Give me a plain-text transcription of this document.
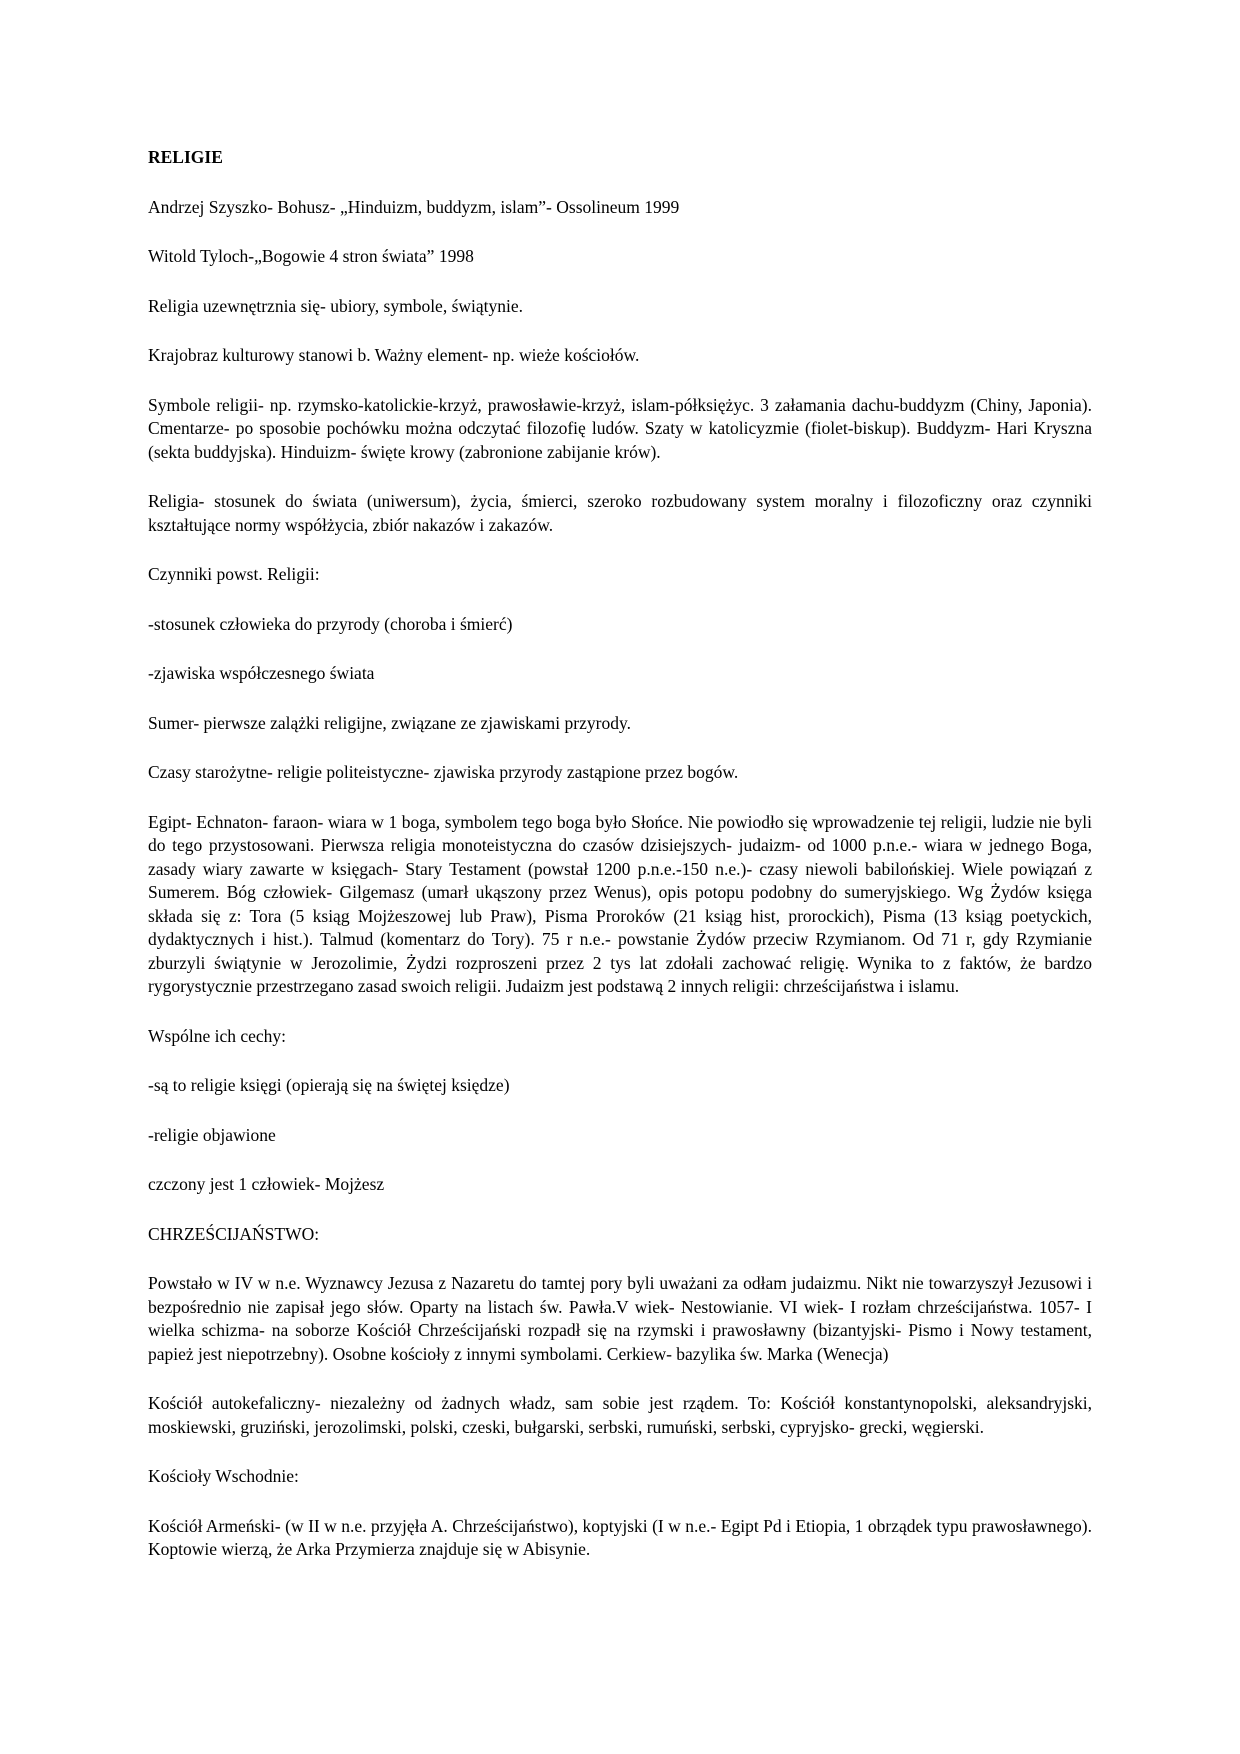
RELIGIE

Andrzej Szyszko- Bohusz- „Hinduizm, buddyzm, islam”- Ossolineum 1999

Witold Tyloch-„Bogowie 4 stron świata” 1998

Religia uzewnętrznia się- ubiory, symbole, świątynie.

Krajobraz kulturowy stanowi b. Ważny element- np. wieże kościołów.

Symbole religii- np. rzymsko-katolickie-krzyż, prawosławie-krzyż, islam-półksiężyc. 3 załamania dachu-buddyzm (Chiny, Japonia). Cmentarze- po sposobie pochówku można odczytać filozofię ludów. Szaty w katolicyzmie (fiolet-biskup). Buddyzm- Hari Kryszna (sekta buddyjska). Hinduizm- święte krowy (zabronione zabijanie krów).

Religia- stosunek do świata (uniwersum), życia, śmierci, szeroko rozbudowany system moralny i filozoficzny oraz czynniki kształtujące normy współżycia, zbiór nakazów i zakazów.

Czynniki powst. Religii:

-stosunek człowieka do przyrody (choroba i śmierć)

-zjawiska współczesnego świata

Sumer- pierwsze zalążki religijne, związane ze zjawiskami przyrody.

Czasy starożytne- religie politeistyczne- zjawiska przyrody zastąpione przez bogów.

Egipt- Echnaton- faraon- wiara w 1 boga, symbolem tego boga było Słońce. Nie powiodło się wprowadzenie tej religii, ludzie nie byli do tego przystosowani. Pierwsza religia monoteistyczna do czasów dzisiejszych- judaizm- od 1000 p.n.e.- wiara w jednego Boga, zasady wiary zawarte w księgach- Stary Testament (powstał 1200 p.n.e.-150 n.e.)- czasy niewoli babilońskiej. Wiele powiązań z Sumerem. Bóg człowiek- Gilgemasz (umarł ukąszony przez Wenus), opis potopu podobny do sumeryjskiego. Wg Żydów księga składa się z: Tora (5 ksiąg Mojżeszowej lub Praw), Pisma Proroków (21 ksiąg hist, prorockich), Pisma (13 ksiąg poetyckich, dydaktycznych i hist.). Talmud (komentarz do Tory). 75 r n.e.- powstanie Żydów przeciw Rzymianom. Od 71 r, gdy Rzymianie zburzyli świątynie w Jerozolimie, Żydzi rozproszeni przez 2 tys lat zdołali zachować religię. Wynika to z faktów, że bardzo rygorystycznie przestrzegano zasad swoich religii. Judaizm jest podstawą 2 innych religii: chrześcijaństwa i islamu.

Wspólne ich cechy:

-są to religie księgi (opierają się na świętej księdze)

-religie objawione

czczony jest 1 człowiek- Mojżesz

CHRZEŚCIJAŃSTWO:

Powstało w IV w n.e. Wyznawcy Jezusa z Nazaretu do tamtej pory byli uważani za odłam judaizmu. Nikt nie towarzyszył Jezusowi i bezpośrednio nie zapisał jego słów. Oparty na listach św. Pawła.V wiek- Nestowianie. VI wiek- I rozłam chrześcijaństwa. 1057- I wielka schizma- na soborze Kościół Chrześcijański rozpadł się na rzymski i prawosławny (bizantyjski- Pismo i Nowy testament, papież jest niepotrzebny). Osobne kościoły z innymi symbolami. Cerkiew- bazylika św. Marka (Wenecja)

Kościół autokefaliczny- niezależny od żadnych władz, sam sobie jest rządem. To: Kościół konstantynopolski, aleksandryjski, moskiewski, gruziński, jerozolimski, polski, czeski, bułgarski, serbski, rumuński, serbski, cypryjsko- grecki, węgierski.

Kościoły Wschodnie:

Kościół Armeński- (w II w n.e. przyjęła A. Chrześcijaństwo), koptyjski (I w n.e.- Egipt Pd i Etiopia, 1 obrządek typu prawosławnego). Koptowie wierzą, że Arka Przymierza znajduje się w Abisynie.
